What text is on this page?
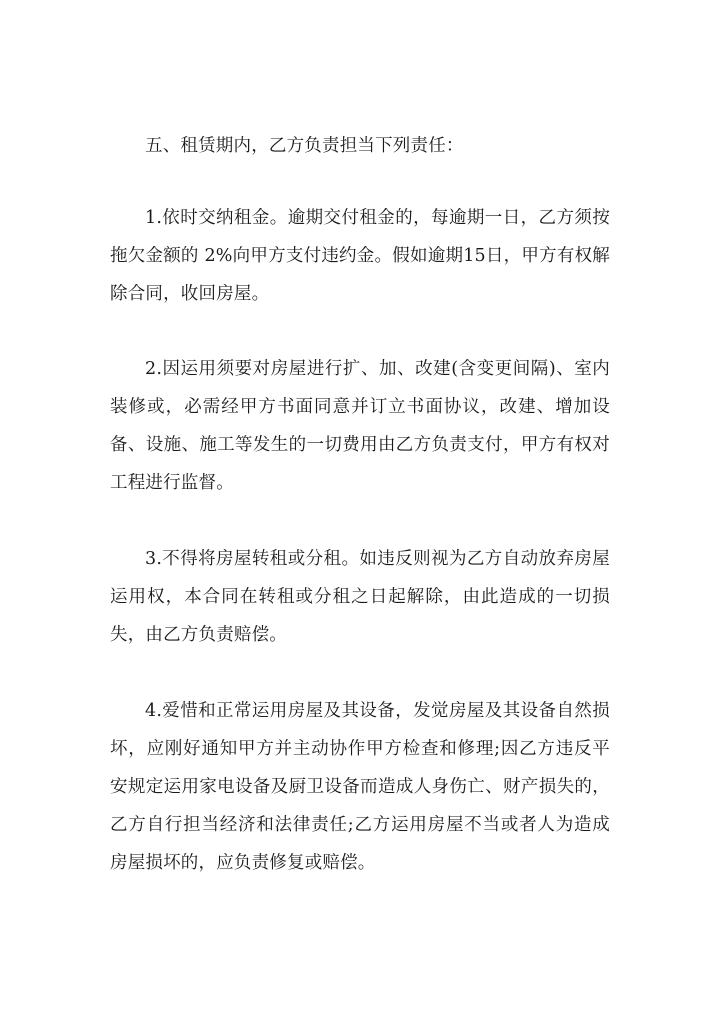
五、租赁期内，乙方负责担当下列责任：

1.依时交纳租金。逾期交付租金的，每逾期一日，乙方须按拖欠金额的 2%向甲方支付违约金。假如逾期15日，甲方有权解除合同，收回房屋。

2.因运用须要对房屋进行扩、加、改建(含变更间隔)、室内装修或，必需经甲方书面同意并订立书面协议，改建、增加设备、设施、施工等发生的一切费用由乙方负责支付，甲方有权对工程进行监督。

3.不得将房屋转租或分租。如违反则视为乙方自动放弃房屋运用权，本合同在转租或分租之日起解除，由此造成的一切损失，由乙方负责赔偿。

4.爱惜和正常运用房屋及其设备，发觉房屋及其设备自然损坏，应刚好通知甲方并主动协作甲方检查和修理;因乙方违反平安规定运用家电设备及厨卫设备而造成人身伤亡、财产损失的，乙方自行担当经济和法律责任;乙方运用房屋不当或者人为造成房屋损坏的，应负责修复或赔偿。
